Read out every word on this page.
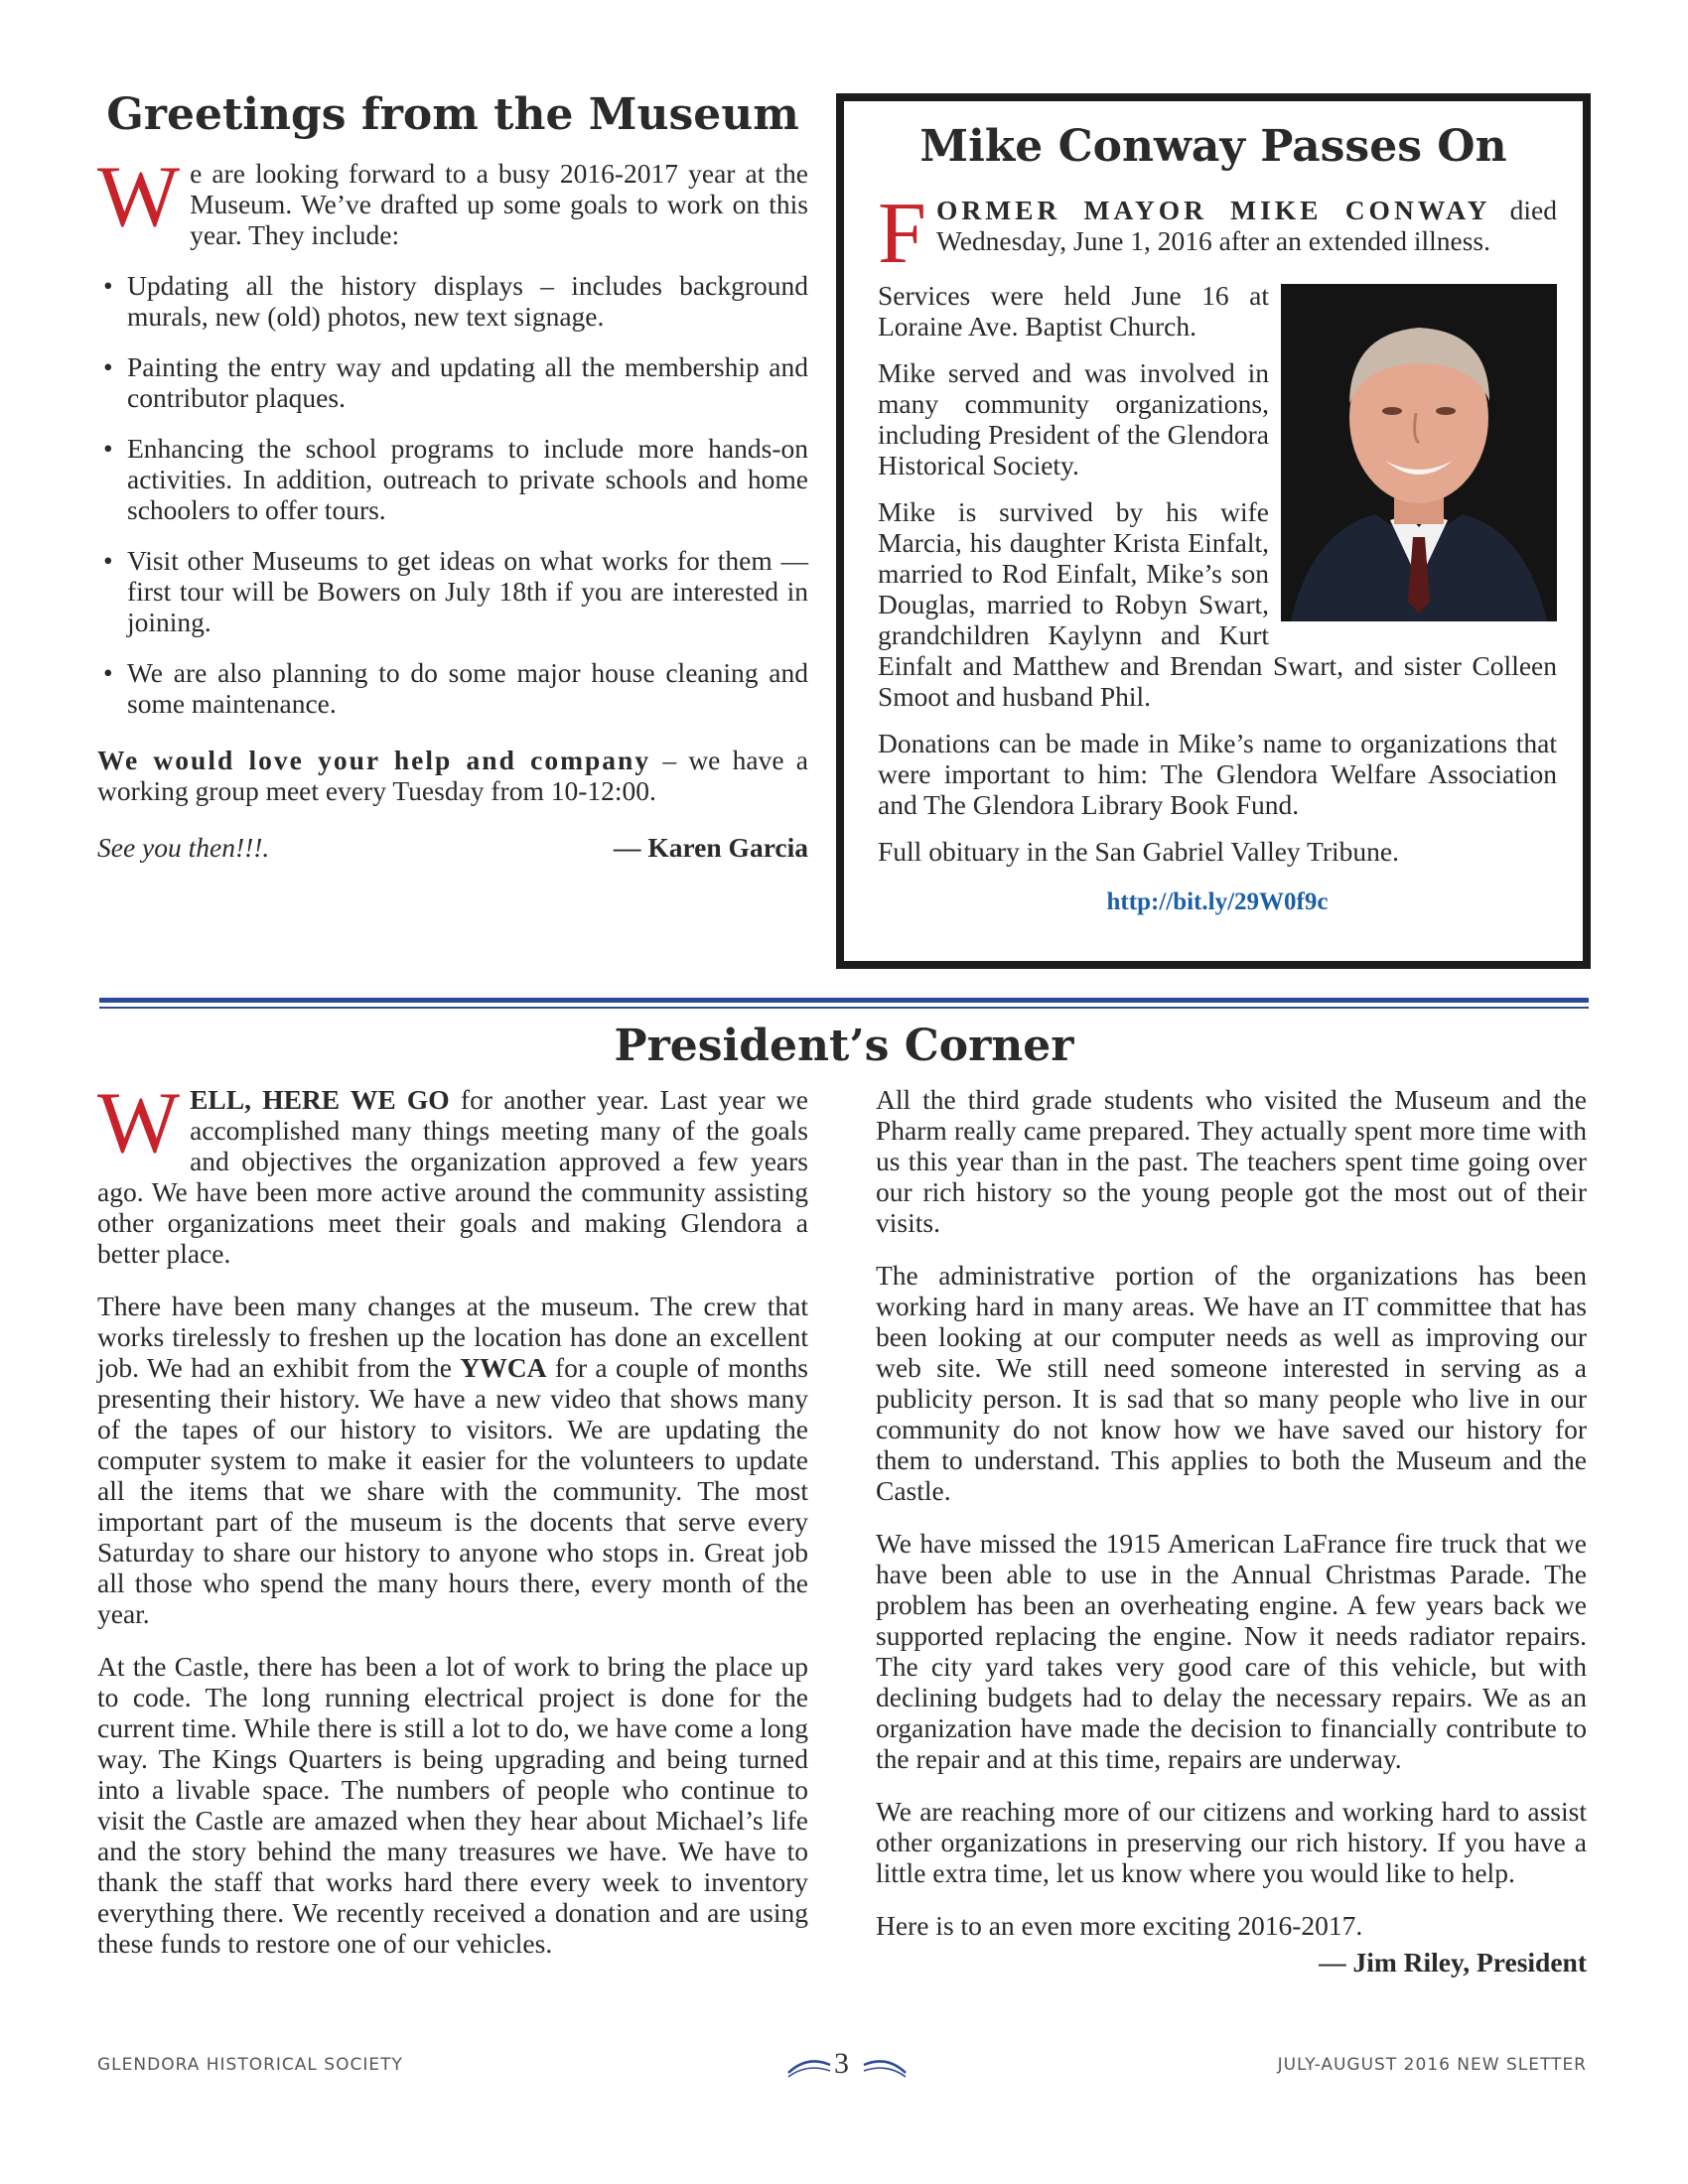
Greetings from the Museum

We are looking forward to a busy 2016-2017 year at the Museum. We’ve drafted up some goals to work on this year. They include:

• Updating all the history displays – includes background murals, new (old) photos, new text signage.
• Painting the entry way and updating all the membership and contributor plaques.
• Enhancing the school programs to include more hands-on activities. In addition, outreach to private schools and home schoolers to offer tours.
• Visit other Museums to get ideas on what works for them — first tour will be Bowers on July 18th if you are interested in joining.
• We are also planning to do some major house cleaning and some maintenance.

We would love your help and company – we have a working group meet every Tuesday from 10-12:00.

See you then!!!.	— Karen Garcia
Mike Conway Passes On

FORMER MAYOR MIKE CONWAY died Wednesday, June 1, 2016 after an extended illness.

Services were held June 16 at Loraine Ave. Baptist Church.

Mike served and was involved in many community organizations, including President of the Glendora Historical Society.

Mike is survived by his wife Marcia, his daughter Krista Einfalt, married to Rod Einfalt, Mike’s son Douglas, married to Robyn Swart, grandchildren Kaylynn and Kurt Einfalt and Matthew and Brendan Swart, and sister Colleen Smoot and husband Phil.

Donations can be made in Mike’s name to organizations that were important to him: The Glendora Welfare Association and The Glendora Library Book Fund.

Full obituary in the San Gabriel Valley Tribune.

http://bit.ly/29W0f9c
President’s Corner

WELL, HERE WE GO for another year. Last year we accomplished many things meeting many of the goals and objectives the organization approved a few years ago. We have been more active around the community assisting other organizations meet their goals and making Glendora a better place.

There have been many changes at the museum. The crew that works tirelessly to freshen up the location has done an excellent job. We had an exhibit from the YWCA for a couple of months presenting their history. We have a new video that shows many of the tapes of our history to visitors. We are updating the computer system to make it easier for the volunteers to update all the items that we share with the community. The most important part of the museum is the docents that serve every Saturday to share our history to anyone who stops in. Great job all those who spend the many hours there, every month of the year.

At the Castle, there has been a lot of work to bring the place up to code. The long running electrical project is done for the current time. While there is still a lot to do, we have come a long way. The Kings Quarters is being upgrading and being turned into a livable space. The numbers of people who continue to visit the Castle are amazed when they hear about Michael’s life and the story behind the many treasures we have. We have to thank the staff that works hard there every week to inventory everything there. We recently received a donation and are using these funds to restore one of our vehicles.

All the third grade students who visited the Museum and the Pharm really came prepared. They actually spent more time with us this year than in the past. The teachers spent time going over our rich history so the young people got the most out of their visits.

The administrative portion of the organizations has been working hard in many areas. We have an IT committee that has been looking at our computer needs as well as improving our web site. We still need someone interested in serving as a publicity person. It is sad that so many people who live in our community do not know how we have saved our history for them to understand. This applies to both the Museum and the Castle.

We have missed the 1915 American LaFrance fire truck that we have been able to use in the Annual Christmas Parade. The problem has been an overheating engine. A few years back we supported replacing the engine. Now it needs radiator repairs. The city yard takes very good care of this vehicle, but with declining budgets had to delay the necessary repairs. We as an organization have made the decision to financially contribute to the repair and at this time, repairs are underway.

We are reaching more of our citizens and working hard to assist other organizations in preserving our rich history. If you have a little extra time, let us know where you would like to help.

Here is to an even more exciting 2016-2017.

— Jim Riley, President

GLENDORA HISTORICAL SOCIETY	3	JULY-AUGUST 2016 NEW SLETTER
